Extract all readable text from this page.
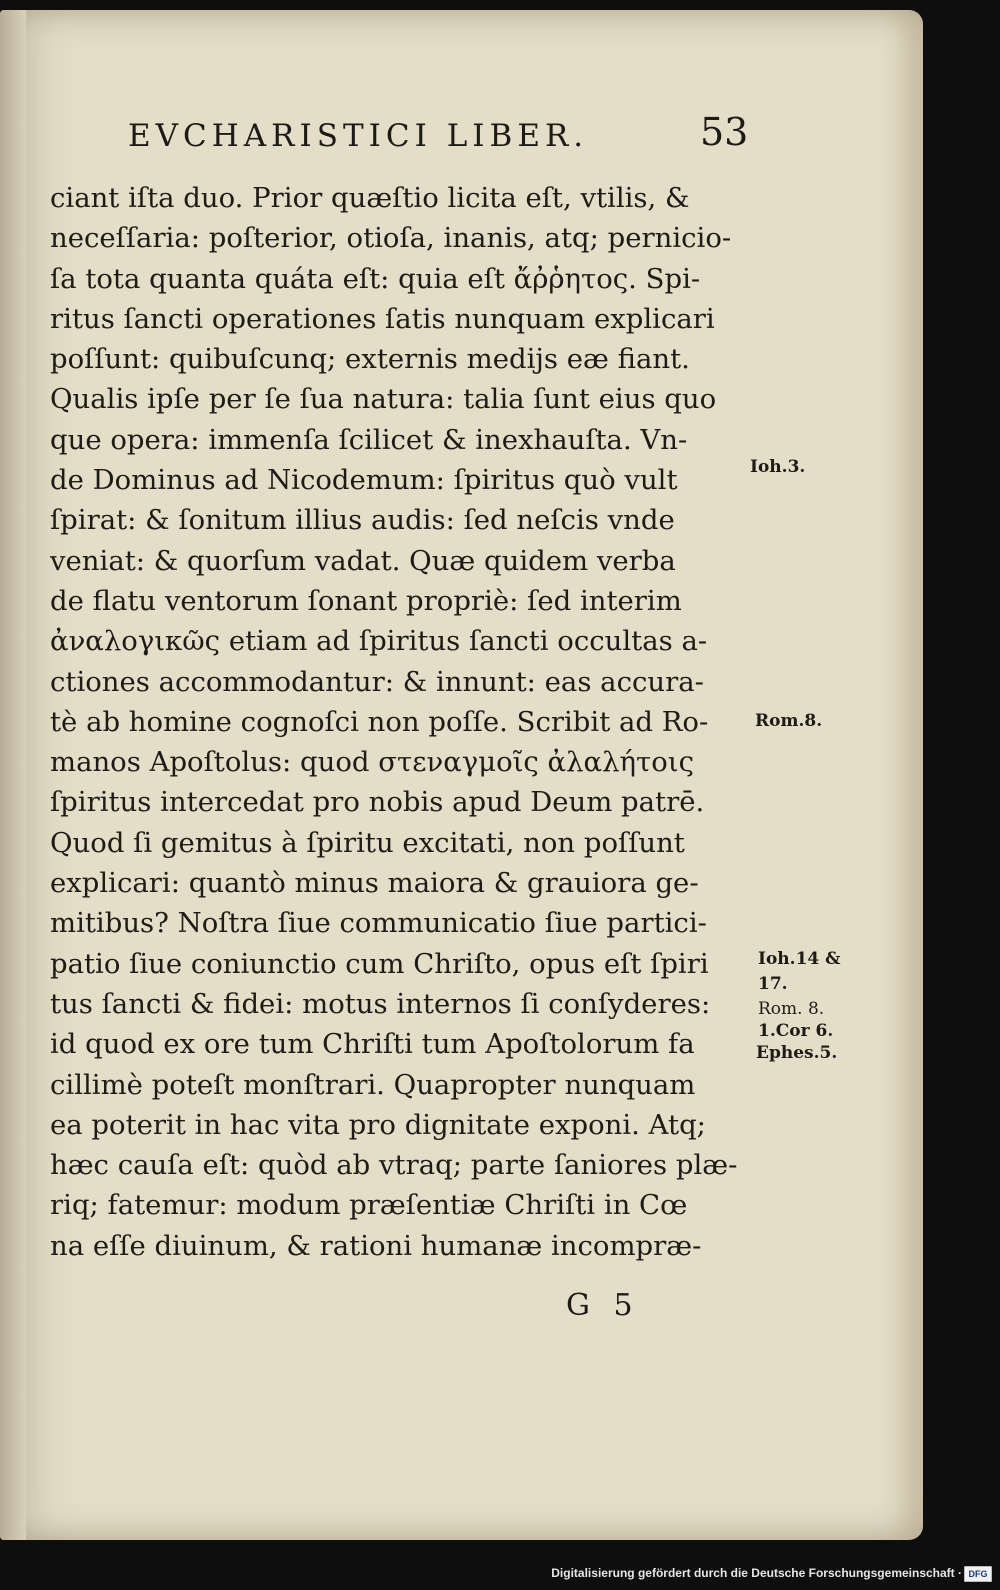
EVCHARISTICI LIBER.	53
ciant iſta duo. Prior quæſtio licita eſt, vtilis, &
neceſſaria: poſterior, otioſa, inanis, atq; pernicio-
ſa tota quanta quáta eſt: quia eſt ἄῤῥητος. Spi-
ritus ſancti operationes ſatis nunquam explicari
poſſunt: quibuſcunq; externis medijs eæ fiant.
Qualis ipſe per ſe ſua natura: talia ſunt eius quo
que opera: immenſa ſcilicet & inexhauſta. Vn-
de Dominus ad Nicodemum: ſpiritus quò vult
ſpirat: & ſonitum illius audis: ſed neſcis vnde
veniat: & quorſum vadat. Quæ quidem verba
de flatu ventorum ſonant propriè: ſed interim
ἀναλογικῶς etiam ad ſpiritus ſancti occultas a-
ctiones accommodantur: & innunt: eas accura-
tè ab homine cognoſci non poſſe. Scribit ad Ro-
manos Apoſtolus: quod στεναγμοῖς ἀλαλήτοις
ſpiritus intercedat pro nobis apud Deum patrē.
Quod ſi gemitus à ſpiritu excitati, non poſſunt
explicari: quantò minus maiora & grauiora ge-
mitibus? Noſtra ſiue communicatio ſiue partici-
patio ſiue coniunctio cum Chriſto, opus eſt ſpiri
tus ſancti & fidei: motus internos ſi conſyderes:
id quod ex ore tum Chriſti tum Apoſtolorum fa
cillimè poteſt monſtrari. Quapropter nunquam
ea poterit in hac vita pro dignitate exponi. Atq;
hæc cauſa eſt: quòd ab vtraq; parte ſaniores plæ-
riq; fatemur: modum præſentiæ Chriſti in Cœ
na eſſe diuinum, & rationi humanæ incompræ-
Ioh.3.
Rom.8.
Ioh.14 &
17.
Rom. 8.
1.Cor 6.
Ephes.5.
G 5
Digitalisierung gefördert durch die Deutsche Forschungsgemeinschaft · DFG
